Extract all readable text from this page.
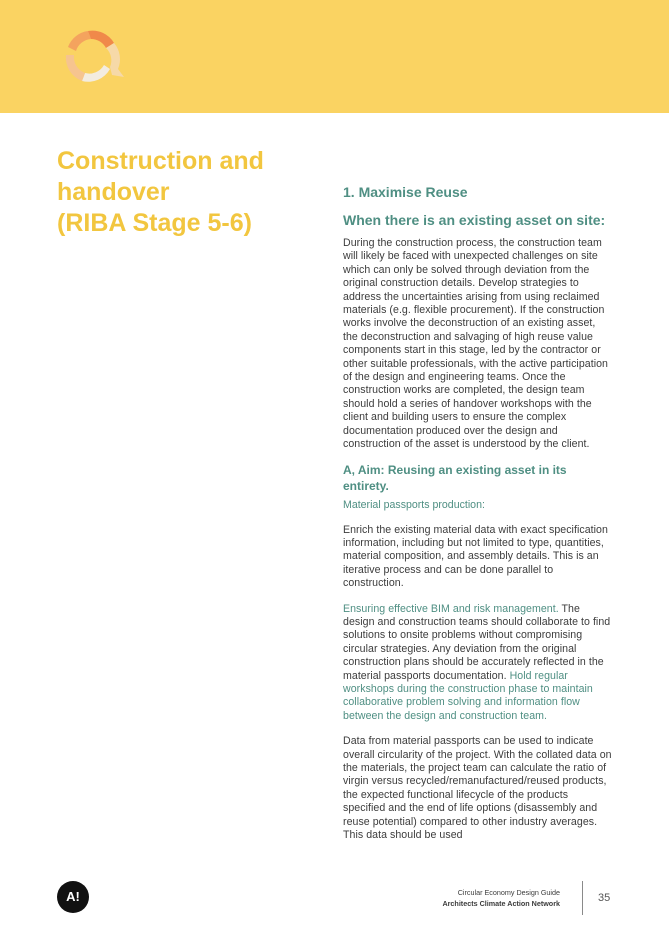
Construction and
handover
(RIBA Stage 5-6)
1. Maximise Reuse
When there is an existing asset on site:

During the construction process, the construction team will likely be faced with unexpected challenges on site which can only be solved through deviation from the original construction details. Develop strategies to address the uncertainties arising from using reclaimed materials (e.g. flexible procurement). If the construction works involve the deconstruction of an existing asset, the deconstruction and salvaging of high reuse value components start in this stage, led by the contractor or other suitable professionals, with the active participation of the design and engineering teams. Once the construction works are completed, the design team should hold a series of handover workshops with the client and building users to ensure the complex documentation produced over the design and construction of the asset is understood by the client.

A, Aim: Reusing an existing asset in its entirety.
Material passports production:

Enrich the existing material data with exact specification information, including but not limited to type, quantities, material composition, and assembly details. This is an iterative process and can be done parallel to construction.

Ensuring effective BIM and risk management. The design and construction teams should collaborate to find solutions to onsite problems without compromising circular strategies. Any deviation from the original construction plans should be accurately reflected in the material passports documentation. Hold regular workshops during the construction phase to maintain collaborative problem solving and information flow between the design and construction team.

Data from material passports can be used to indicate overall circularity of the project. With the collated data on the materials, the project team can calculate the ratio of virgin versus recycled/remanufactured/reused products, the expected functional lifecycle of the products specified and the end of life options (disassembly and reuse potential) compared to other industry averages. This data should be used

A!	Circular Economy Design Guide
Architects Climate Action Network	35
